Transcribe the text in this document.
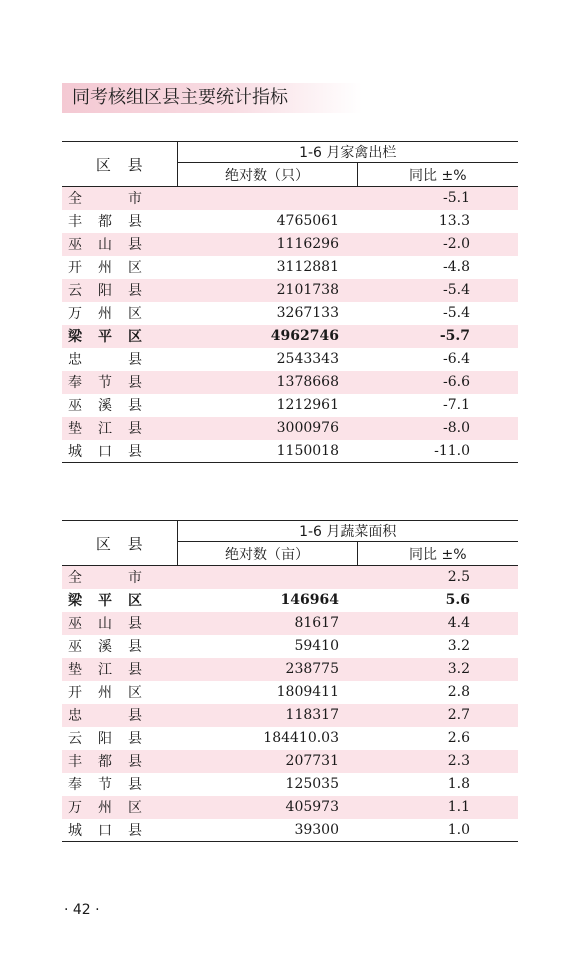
同考核组区县主要统计指标
区 县	1-6 月家禽出栏	
	绝对数（只）	同比 ±%
全 市		-5.1
丰 都 县	4765061	13.3
巫 山 县	1116296	-2.0
开 州 区	3112881	-4.8
云 阳 县	2101738	-5.4
万 州 区	3267133	-5.4
梁 平 区	4962746	-5.7
忠 县	2543343	-6.4
奉 节 县	1378668	-6.6
巫 溪 县	1212961	-7.1
垫 江 县	3000976	-8.0
城 口 县	1150018	-11.0
区 县	1-6 月蔬菜面积	
	绝对数（亩）	同比 ±%
全 市		2.5
梁 平 区	146964	5.6
巫 山 县	81617	4.4
巫 溪 县	59410	3.2
垫 江 县	238775	3.2
开 州 区	1809411	2.8
忠 县	118317	2.7
云 阳 县	184410.03	2.6
丰 都 县	207731	2.3
奉 节 县	125035	1.8
万 州 区	405973	1.1
城 口 县	39300	1.0
· 42 ·
